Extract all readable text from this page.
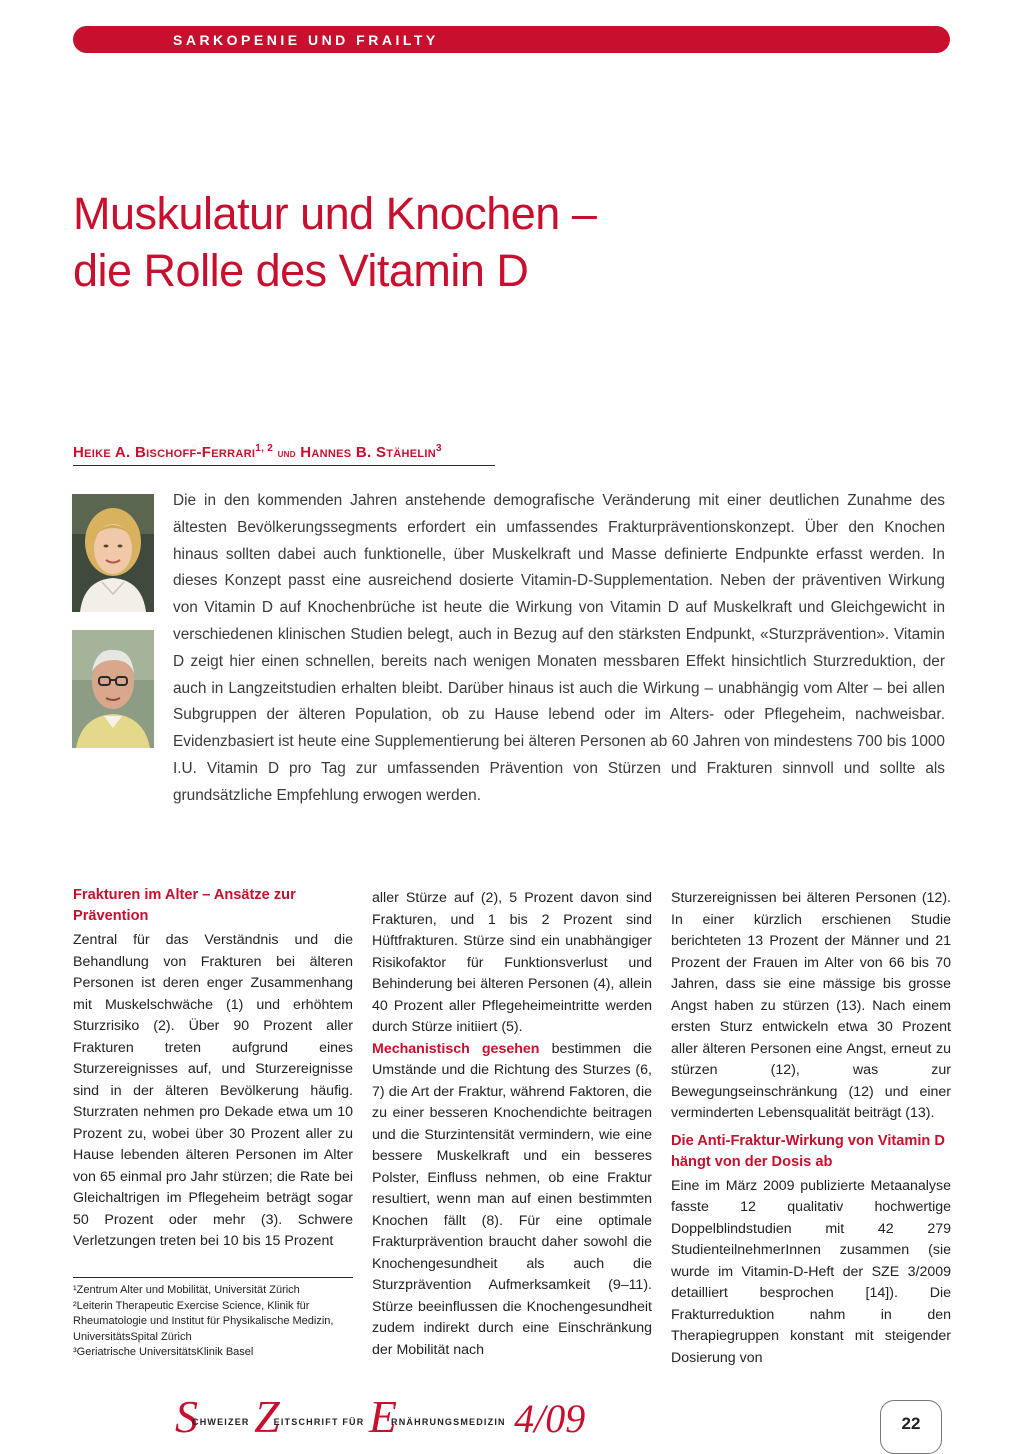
SARKOPENIE UND FRAILTY
Muskulatur und Knochen –
die Rolle des Vitamin D
Heike A. Bischoff-Ferrari$^{1, 2}$ und Hannes B. Stähelin$^3$

Die in den kommenden Jahren anstehende demografische Veränderung mit einer deutlichen Zunahme des ältesten Bevölkerungssegments erfordert ein umfassendes Frakturpräventionskonzept. Über den Knochen hinaus sollten dabei auch funktionelle, über Muskelkraft und Masse definierte Endpunkte erfasst werden. In dieses Konzept passt eine ausreichend dosierte Vitamin-D-Supplementation. Neben der präventiven Wirkung von Vitamin D auf Knochenbrüche ist heute die Wirkung von Vitamin D auf Muskelkraft und Gleichgewicht in verschiedenen klinischen Studien belegt, auch in Bezug auf den stärksten Endpunkt, «Sturzprävention». Vitamin D zeigt hier einen schnellen, bereits nach wenigen Monaten messbaren Effekt hinsichtlich Sturzreduktion, der auch in Langzeitstudien erhalten bleibt. Darüber hinaus ist auch die Wirkung – unabhängig vom Alter – bei allen Subgruppen der älteren Population, ob zu Hause lebend oder im Alters- oder Pflegeheim, nachweisbar. Evidenzbasiert ist heute eine Supplementierung bei älteren Personen ab 60 Jahren von mindestens 700 bis 1000 I.U. Vitamin D pro Tag zur umfassenden Prävention von Stürzen und Frakturen sinnvoll und sollte als grundsätzliche Empfehlung erwogen werden.

Frakturen im Alter – Ansätze zur Prävention

Zentral für das Verständnis und die Behandlung von Frakturen bei älteren Personen ist deren enger Zusammenhang mit Muskelschwäche (1) und erhöhtem Sturzrisiko (2). Über 90 Prozent aller Frakturen treten aufgrund eines Sturzereignisses auf, und Sturzereignisse sind in der älteren Bevölkerung häufig. Sturzraten nehmen pro Dekade etwa um 10 Prozent zu, wobei über 30 Prozent aller zu Hause lebenden älteren Personen im Alter von 65 einmal pro Jahr stürzen; die Rate bei Gleichaltrigen im Pflegeheim beträgt sogar 50 Prozent oder mehr (3). Schwere Verletzungen treten bei 10 bis 15 Prozent

¹Zentrum Alter und Mobilität, Universität Zürich
²Leiterin Therapeutic Exercise Science, Klinik für Rheumatologie und Institut für Physikalische Medizin, UniversitätsSpital Zürich
³Geriatrische UniversitätsKlinik Basel

aller Stürze auf (2), 5 Prozent davon sind Frakturen, und 1 bis 2 Prozent sind Hüftfrakturen. Stürze sind ein unabhängiger Risikofaktor für Funktionsverlust und Behinderung bei älteren Personen (4), allein 40 Prozent aller Pflegeheimeintritte werden durch Stürze initiiert (5).

Mechanistisch gesehen bestimmen die Umstände und die Richtung des Sturzes (6, 7) die Art der Fraktur, während Faktoren, die zu einer besseren Knochendichte beitragen und die Sturzintensität vermindern, wie eine bessere Muskelkraft und ein besseres Polster, Einfluss nehmen, ob eine Fraktur resultiert, wenn man auf einen bestimmten Knochen fällt (8). Für eine optimale Frakturprävention braucht daher sowohl die Knochengesundheit als auch die Sturzprävention Aufmerksamkeit (9–11). Stürze beeinflussen die Knochengesundheit zudem indirekt durch eine Einschränkung der Mobilität nach

Sturzereignissen bei älteren Personen (12). In einer kürzlich erschienen Studie berichteten 13 Prozent der Männer und 21 Prozent der Frauen im Alter von 66 bis 70 Jahren, dass sie eine mässige bis grosse Angst haben zu stürzen (13). Nach einem ersten Sturz entwickeln etwa 30 Prozent aller älteren Personen eine Angst, erneut zu stürzen (12), was zur Bewegungseinschränkung (12) und einer verminderten Lebensqualität beiträgt (13).

Die Anti-Fraktur-Wirkung von Vitamin D hängt von der Dosis ab

Eine im März 2009 publizierte Metaanalyse fasste 12 qualitativ hochwertige Doppelblindstudien mit 42 279 StudienteilnehmerInnen zusammen (sie wurde im Vitamin-D-Heft der SZE 3/2009 detailliert besprochen [14]). Die Frakturreduktion nahm in den Therapiegruppen konstant mit steigender Dosierung von

$S^{CHWEIZER}$ $Z^{EITSCHRIFT FÜR}$ $E^{RNÄHRUNGSMEDIZIN}$ 4/09	22
